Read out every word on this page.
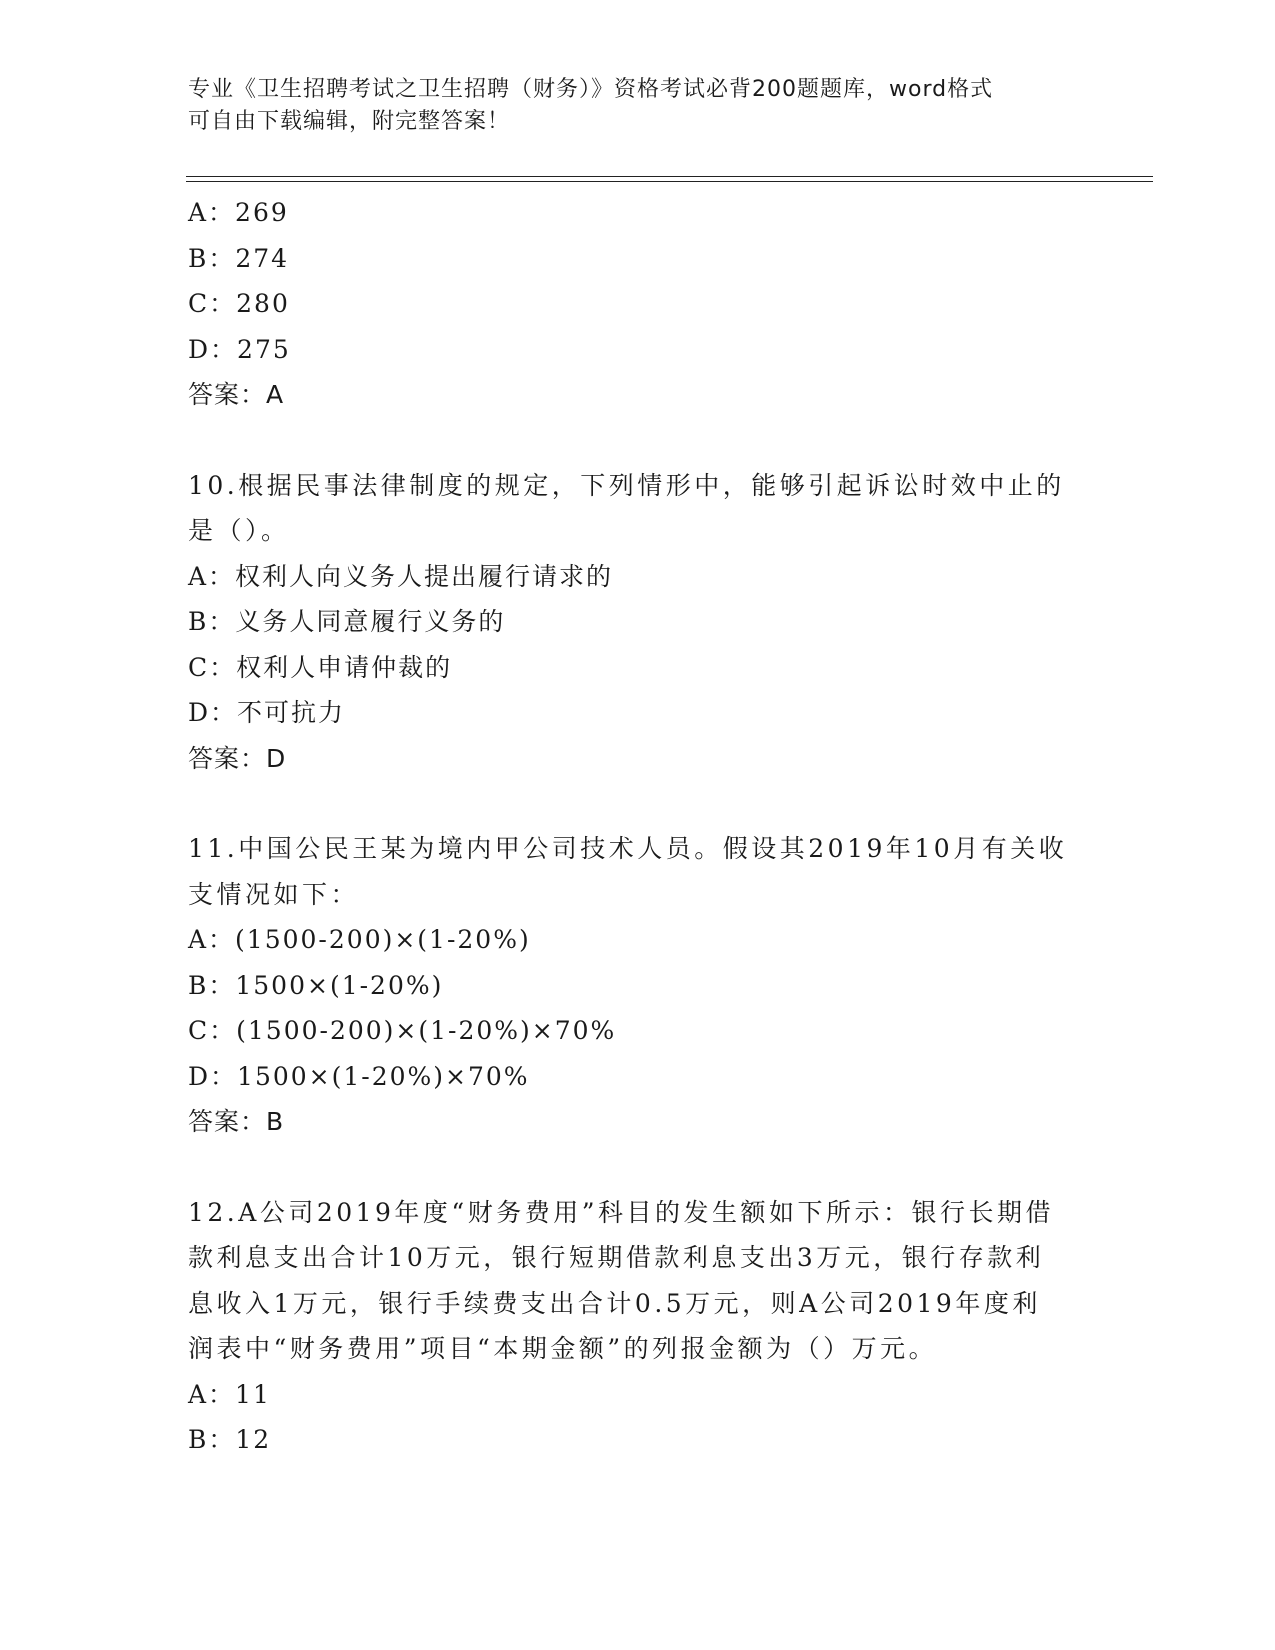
专业《卫生招聘考试之卫生招聘（财务）》资格考试必背200题题库，word格式
可自由下载编辑，附完整答案！
A：269
B：274
C：280
D：275
答案：A
10.根据民事法律制度的规定，下列情形中，能够引起诉讼时效中止的
是（）。
A：权利人向义务人提出履行请求的
B：义务人同意履行义务的
C：权利人申请仲裁的
D：不可抗力
答案：D
11.中国公民王某为境内甲公司技术人员。假设其2019年10月有关收
支情况如下：
A：(1500-200)×(1-20%)
B：1500×(1-20%)
C：(1500-200)×(1-20%)×70%
D：1500×(1-20%)×70%
答案：B
12.A公司2019年度“财务费用”科目的发生额如下所示：银行长期借
款利息支出合计10万元，银行短期借款利息支出3万元，银行存款利
息收入1万元，银行手续费支出合计0.5万元，则A公司2019年度利
润表中“财务费用”项目“本期金额”的列报金额为（）万元。
A：11
B：12
